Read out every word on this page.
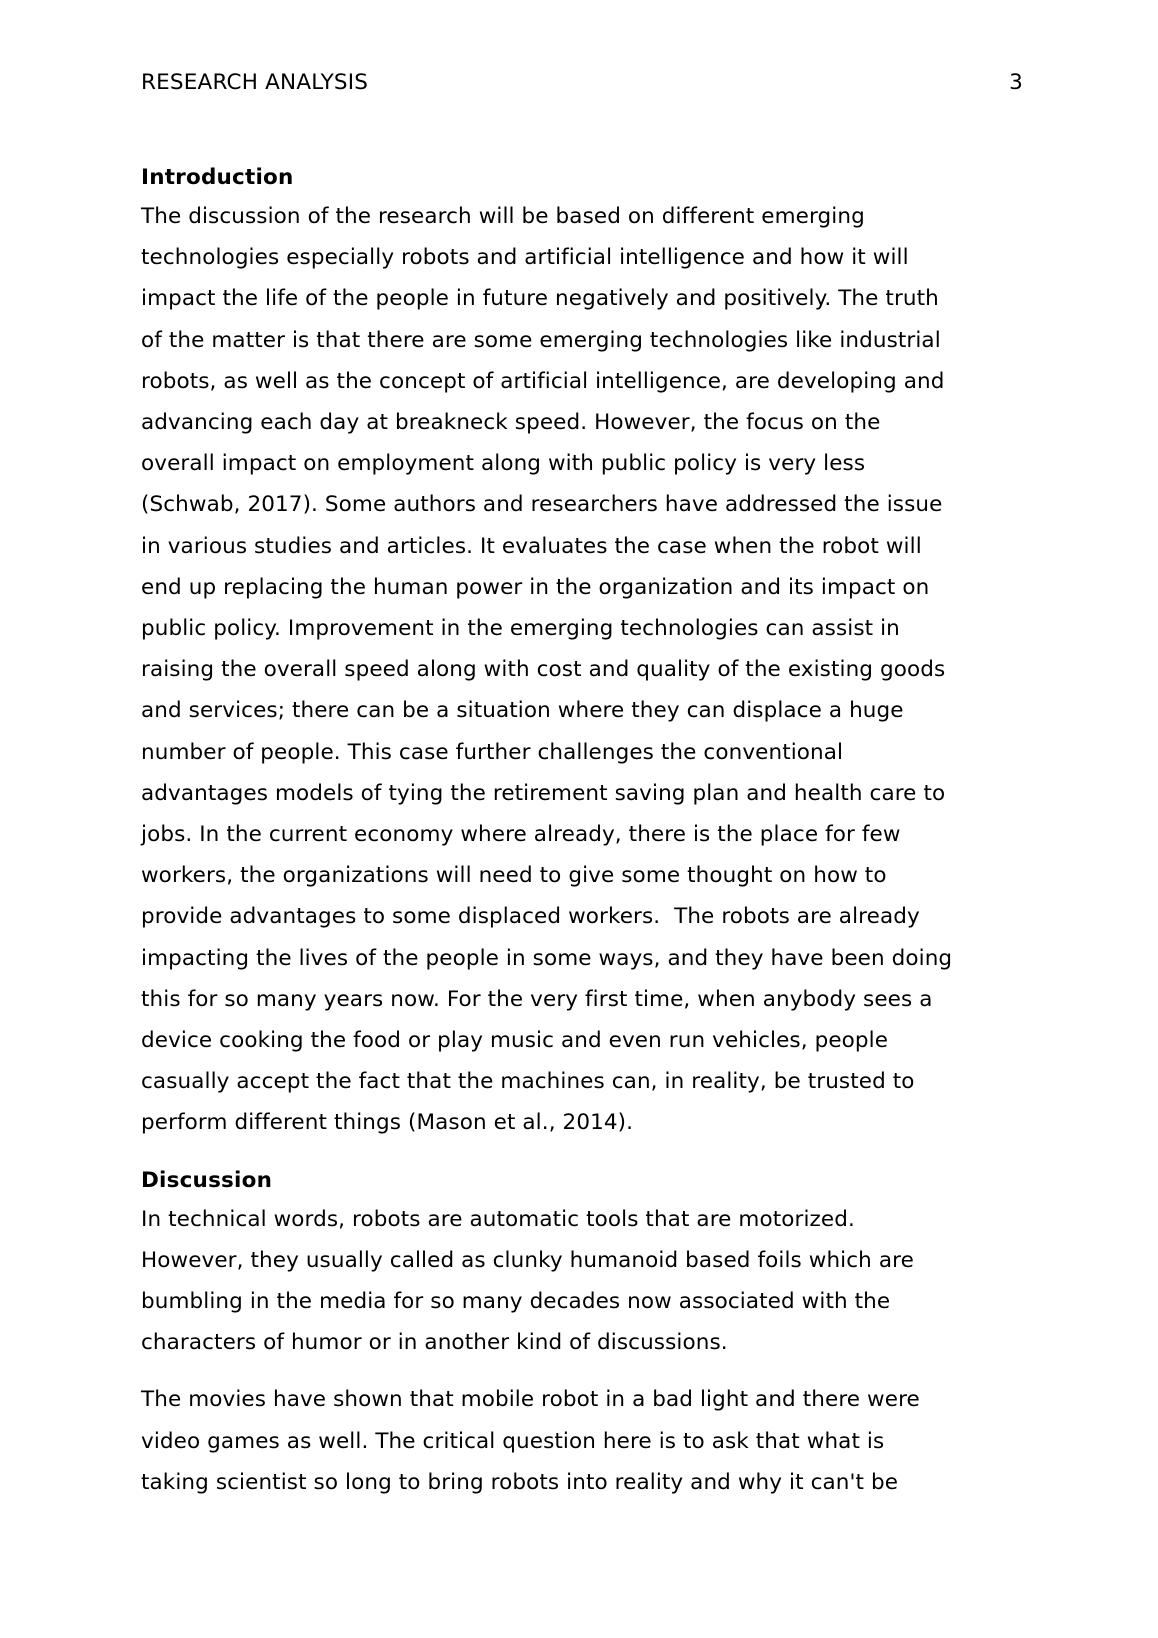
RESEARCH ANALYSIS	3
Introduction

The discussion of the research will be based on different emerging
technologies especially robots and artificial intelligence and how it will
impact the life of the people in future negatively and positively. The truth
of the matter is that there are some emerging technologies like industrial
robots, as well as the concept of artificial intelligence, are developing and
advancing each day at breakneck speed. However, the focus on the
overall impact on employment along with public policy is very less
(Schwab, 2017). Some authors and researchers have addressed the issue
in various studies and articles. It evaluates the case when the robot will
end up replacing the human power in the organization and its impact on
public policy. Improvement in the emerging technologies can assist in
raising the overall speed along with cost and quality of the existing goods
and services; there can be a situation where they can displace a huge
number of people. This case further challenges the conventional
advantages models of tying the retirement saving plan and health care to
jobs. In the current economy where already, there is the place for few
workers, the organizations will need to give some thought on how to
provide advantages to some displaced workers.  The robots are already
impacting the lives of the people in some ways, and they have been doing
this for so many years now. For the very first time, when anybody sees a
device cooking the food or play music and even run vehicles, people
casually accept the fact that the machines can, in reality, be trusted to
perform different things (Mason et al., 2014).

Discussion

In technical words, robots are automatic tools that are motorized.
However, they usually called as clunky humanoid based foils which are
bumbling in the media for so many decades now associated with the
characters of humor or in another kind of discussions.

The movies have shown that mobile robot in a bad light and there were
video games as well. The critical question here is to ask that what is
taking scientist so long to bring robots into reality and why it can't be
